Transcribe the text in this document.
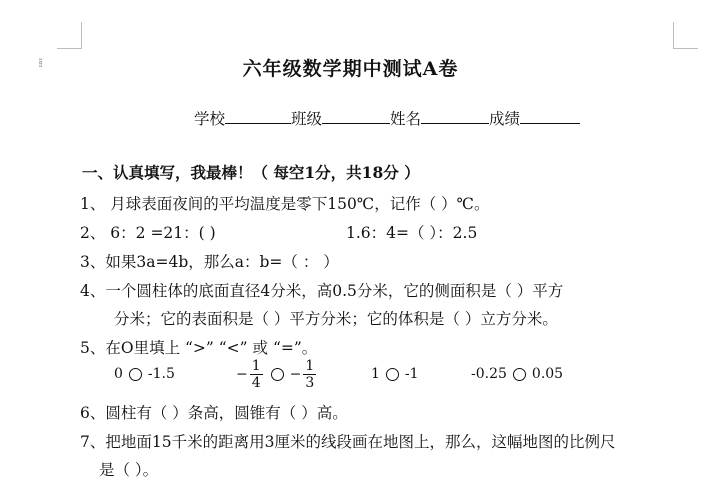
⁞⁞	六年级数学期中测试A卷
学校	班级	姓名	成绩
一、认真填写，我最棒！（ 每空1分，共18分 ）
1、 月球表面夜间的平均温度是零下150℃，记作（ ）℃。
2、 6：2 =21：( )	1.6：4=（ ）：2.5
3、如果3a=4b，那么a：b=（ ： ）
4、一个圆柱体的底面直径4分米，高0.5分米，它的侧面积是（ ）平方
分米；它的表面积是（ ）平方分米；它的体积是（ ）立方分米。
5、在O里填上 “>” “<” 或 “=”。
0 -1.5	− $\frac{1}{4} - \frac{1}{3}$	1 -1	-0.25 0.05
6、圆柱有（ ）条高，圆锥有（ ）高。
7、把地面15千米的距离用3厘米的线段画在地图上，那么，这幅地图的比例尺
是（ ）。
